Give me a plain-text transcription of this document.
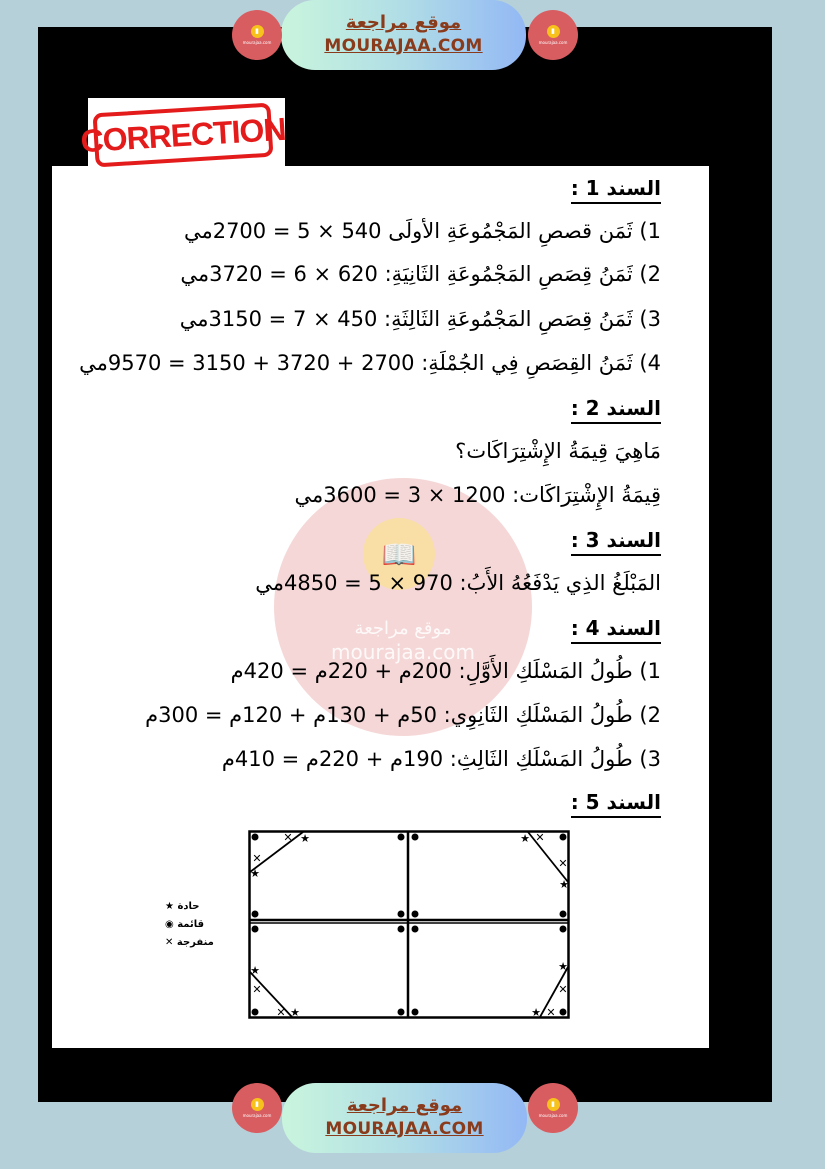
▮
mourajaa.com
موقع مراجعة
MOURAJAA.COM
▮
mourajaa.com
CORRECTION
📖
موقع مراجعة
mourajaa.com
السند 1 :
1) ثَمَن قصصِ المَجْمُوعَةِ الأولَى 540 × 5 = 2700مي
2) ثَمَنُ قِصَصِ المَجْمُوعَةِ الثَانِيَةِ: 620 × 6 = 3720مي
3) ثَمَنُ قِصَصِ المَجْمُوعَةِ الثَالِثَةِ: 450 × 7 = 3150مي
4) ثَمَنُ القِصَصِ فِي الجُمْلَةِ: 2700 + 3720 + 3150 = 9570مي
السند 2 :
مَاهِيَ قِيمَةُ الإِشْتِرَاكَات؟
قِيمَةُ الإِشْتِرَاكَات: 1200 × 3 = 3600مي
السند 3 :
المَبْلَغُ الذِي يَدْفَعُهُ الأَبُ: 970 × 5 = 4850مي
السند 4 :
1) طُولُ المَسْلَكِ الأَوَّلِ: 200م + 220م = 420م
2) طُولُ المَسْلَكِ الثَانِوِي: 50م + 130م + 120م = 300م
3) طُولُ المَسْلَكِ الثَالِثِ: 190م + 220م = 410م
السند 5 :
★ حادة
◉ قائمة
✕ منفرجة
★
★
★
★
★
★
★
★
✕
✕
✕
✕
✕
✕
✕
✕
▮
mourajaa.com	موقع مراجعة
MOURAJAA.COM
▮
mourajaa.com
